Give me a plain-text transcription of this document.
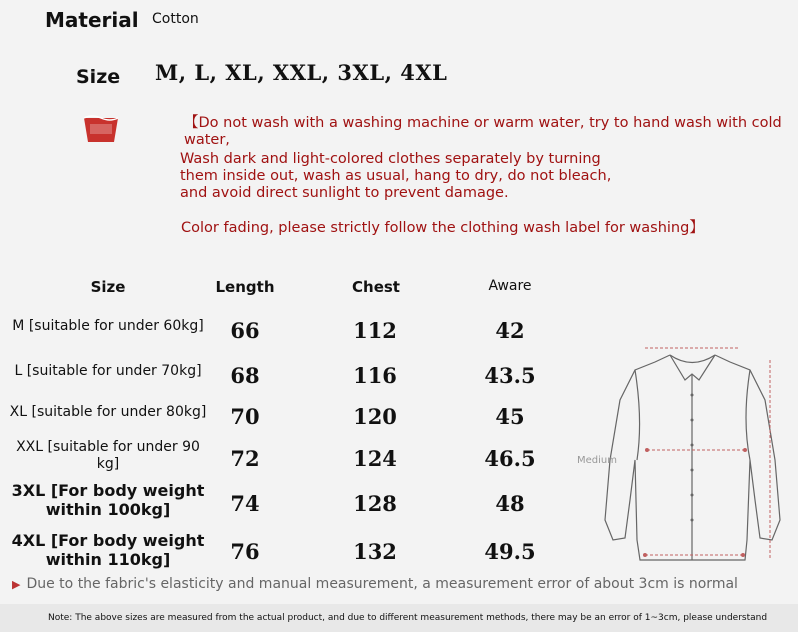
Material Cotton
Size M, L, XL, XXL, 3XL, 4XL
【Do not wash with a washing machine or warm water, try to hand wash with cold water,
Wash dark and light-colored clothes separately by turning
them inside out, wash as usual, hang to dry, do not bleach,
and avoid direct sunlight to prevent damage.
Color fading, please strictly follow the clothing wash label for washing】
Size	Length	Chest	Aware
M [suitable for under 60kg]	66	112	42
L [suitable for under 70kg]	68	116	43.5
XL [suitable for under 80kg]	70	120	45
XXL [suitable for under 90
kg]	72	124	46.5
3XL [For body weight
within 100kg]	74	128	48
4XL [For body weight
within 110kg]	76	132	49.5
Medium
▶ Due to the fabric's elasticity and manual measurement, a measurement error of about 3cm is normal
Note: The above sizes are measured from the actual product, and due to different measurement methods, there may be an error of 1~3cm, please understand
